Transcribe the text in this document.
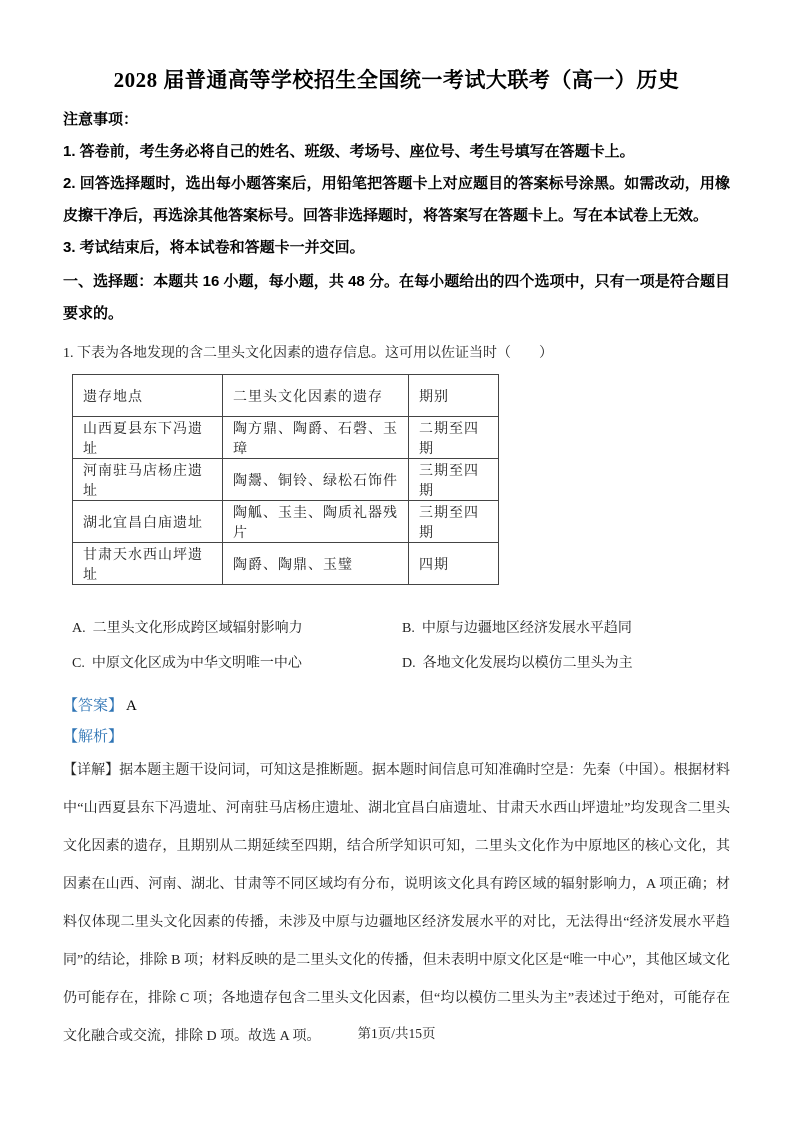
2028 届普通高等学校招生全国统一考试大联考（高一）历史

注意事项：

1. 答卷前，考生务必将自己的姓名、班级、考场号、座位号、考生号填写在答题卡上。

2. 回答选择题时，选出每小题答案后，用铅笔把答题卡上对应题目的答案标号涂黑。如需改动，用橡皮擦干净后，再选涂其他答案标号。回答非选择题时，将答案写在答题卡上。写在本试卷上无效。

3. 考试结束后，将本试卷和答题卡一并交回。

一、选择题：本题共 16 小题，每小题，共 48 分。在每小题给出的四个选项中，只有一项是符合题目要求的。

1. 下表为各地发现的含二里头文化因素的遗存信息。这可用以佐证当时（　　）

遗存地点	二里头文化因素的遗存	期别
山西夏县东下冯遗址	陶方鼎、陶爵、石磬、玉璋	二期至四期
河南驻马店杨庄遗址	陶鬶、铜铃、绿松石饰件	三期至四期
湖北宜昌白庙遗址	陶觚、玉圭、陶质礼器残片	三期至四期
甘肃天水西山坪遗址	陶爵、陶鼎、玉璧	四期
A. 二里头文化形成跨区域辐射影响力	B. 中原与边疆地区经济发展水平趋同
C. 中原文化区成为中华文明唯一中心	D. 各地文化发展均以模仿二里头为主

【答案】 A

【解析】

【详解】据本题主题干设问词，可知这是推断题。据本题时间信息可知准确时空是：先秦（中国）。根据材料中“山西夏县东下冯遗址、河南驻马店杨庄遗址、湖北宜昌白庙遗址、甘肃天水西山坪遗址”均发现含二里头文化因素的遗存，且期别从二期延续至四期，结合所学知识可知，二里头文化作为中原地区的核心文化，其因素在山西、河南、湖北、甘肃等不同区域均有分布，说明该文化具有跨区域的辐射影响力，A 项正确；材料仅体现二里头文化因素的传播，未涉及中原与边疆地区经济发展水平的对比，无法得出“经济发展水平趋同”的结论，排除 B 项；材料反映的是二里头文化的传播，但未表明中原文化区是“唯一中心”，其他区域文化仍可能存在，排除 C 项；各地遗存包含二里头文化因素，但“均以模仿二里头为主”表述过于绝对，可能存在文化融合或交流，排除 D 项。故选 A 项。	第1页/共15页
